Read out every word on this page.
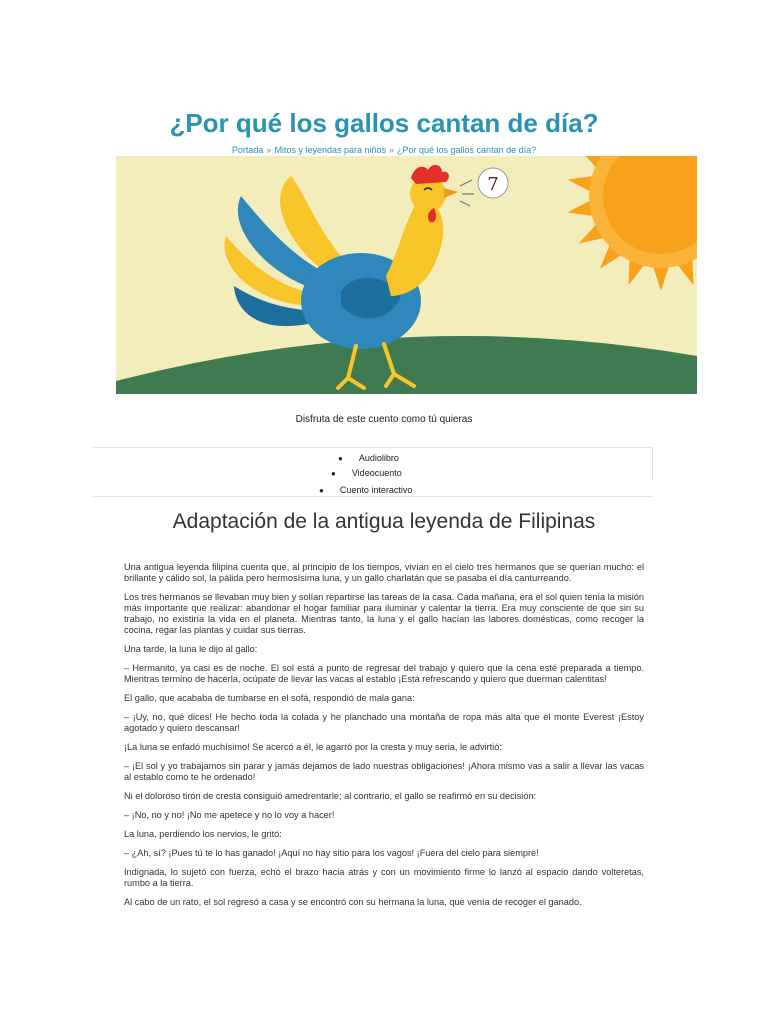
¿Por qué los gallos cantan de día?
Portada » Mitos y leyendas para niños » ¿Por qué los gallos cantan de día?
7
Disfruta de este cuento como tú quieras
● Audiolibro
● Videocuento
● Cuento interactivo
Adaptación de la antigua leyenda de Filipinas

Una antigua leyenda filipina cuenta que, al principio de los tiempos, vivían en el cielo tres hermanos que se querían mucho: el brillante y cálido sol, la pálida pero hermosísima luna, y un gallo charlatán que se pasaba el día canturreando.

Los tres hermanos se llevaban muy bien y solían repartirse las tareas de la casa. Cada mañana, era el sol quien tenía la misión más importante que realizar: abandonar el hogar familiar para iluminar y calentar la tierra. Era muy consciente de que sin su trabajo, no existiría la vida en el planeta. Mientras tanto, la luna y el gallo hacían las labores domésticas, como recoger la cocina, regar las plantas y cuidar sus tierras.

Una tarde, la luna le dijo al gallo:

– Hermanito, ya casi es de noche. El sol está a punto de regresar del trabajo y quiero que la cena esté preparada a tiempo. Mientras termino de hacerla, ocúpate de llevar las vacas al establo ¡Está refrescando y quiero que duerman calentitas!

El gallo, que acababa de tumbarse en el sofá, respondió de mala gana:

– ¡Uy, no, qué dices! He hecho toda la colada y he planchado una montaña de ropa más alta que el monte Everest ¡Estoy agotado y quiero descansar!

¡La luna se enfadó muchísimo! Se acercó a él, le agarró por la cresta y muy seria, le advirtió:

– ¡El sol y yo trabajamos sin parar y jamás dejamos de lado nuestras obligaciones! ¡Ahora mismo vas a salir a llevar las vacas al establo como te he ordenado!

Ni el doloroso tirón de cresta consiguió amedrentarle; al contrario, el gallo se reafirmó en su decisión:

– ¡No, no y no! ¡No me apetece y no lo voy a hacer!

La luna, perdiendo los nervios, le gritó:

– ¿Ah, sí? ¡Pues tú te lo has ganado! ¡Aquí no hay sitio para los vagos! ¡Fuera del cielo para siempre!

Indignada, lo sujetó con fuerza, echó el brazo hacia atrás y con un movimiento firme lo lanzó al espacio dando volteretas, rumbo a la tierra.

Al cabo de un rato, el sol regresó a casa y se encontró con su hermana la luna, que venía de recoger el ganado.
